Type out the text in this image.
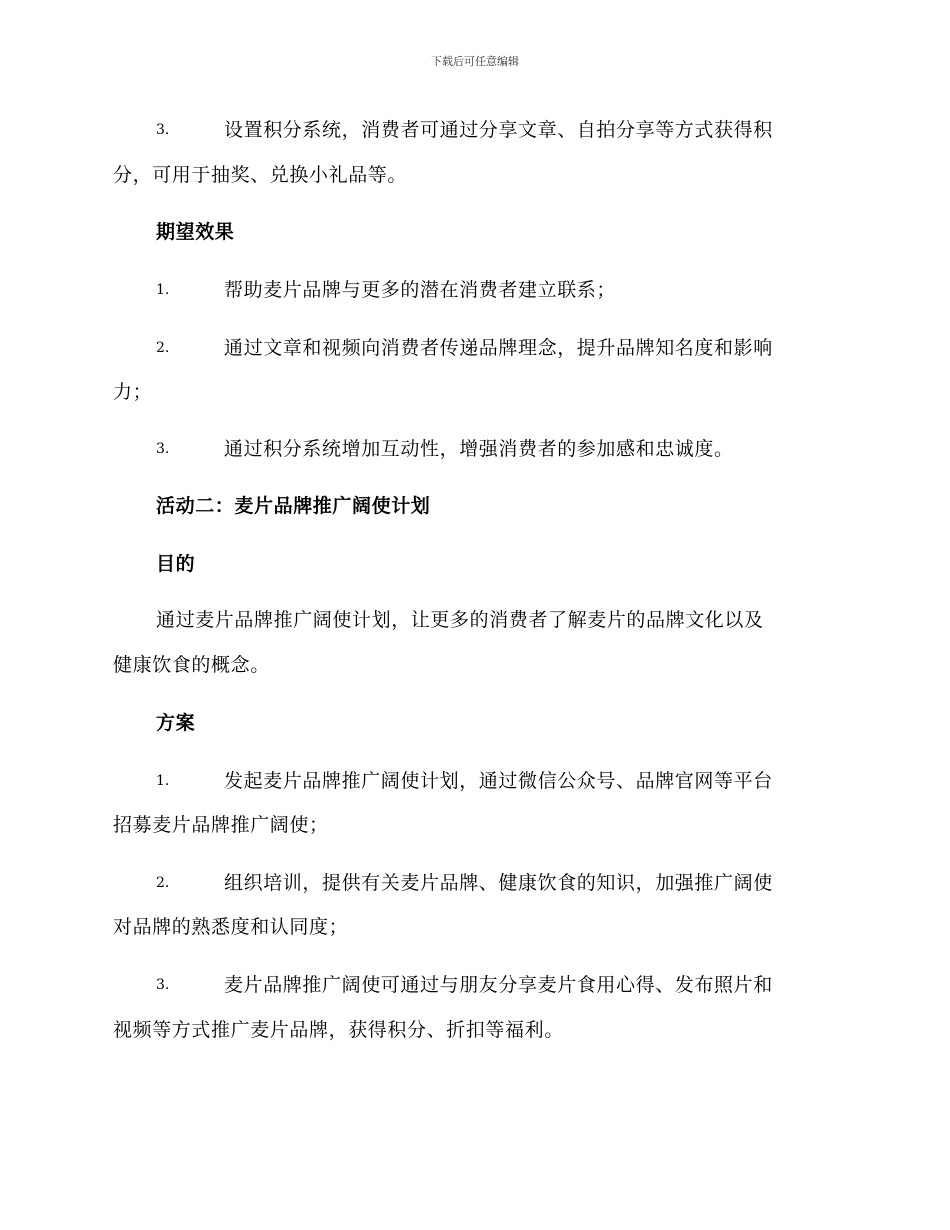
下载后可任意编辑
3.	设置积分系统，消费者可通过分享文章、自拍分享等方式获得积
分，可用于抽奖、兑换小礼品等。
期望效果
1.	帮助麦片品牌与更多的潜在消费者建立联系；
2.	通过文章和视频向消费者传递品牌理念，提升品牌知名度和影响
力；
3.	通过积分系统增加互动性，增强消费者的参加感和忠诚度。
活动二：麦片品牌推广阔使计划
目的
通过麦片品牌推广阔使计划，让更多的消费者了解麦片的品牌文化以及
健康饮食的概念。
方案
1.	发起麦片品牌推广阔使计划，通过微信公众号、品牌官网等平台
招募麦片品牌推广阔使；
2.	组织培训，提供有关麦片品牌、健康饮食的知识，加强推广阔使
对品牌的熟悉度和认同度；
3.	麦片品牌推广阔使可通过与朋友分享麦片食用心得、发布照片和
视频等方式推广麦片品牌，获得积分、折扣等福利。
